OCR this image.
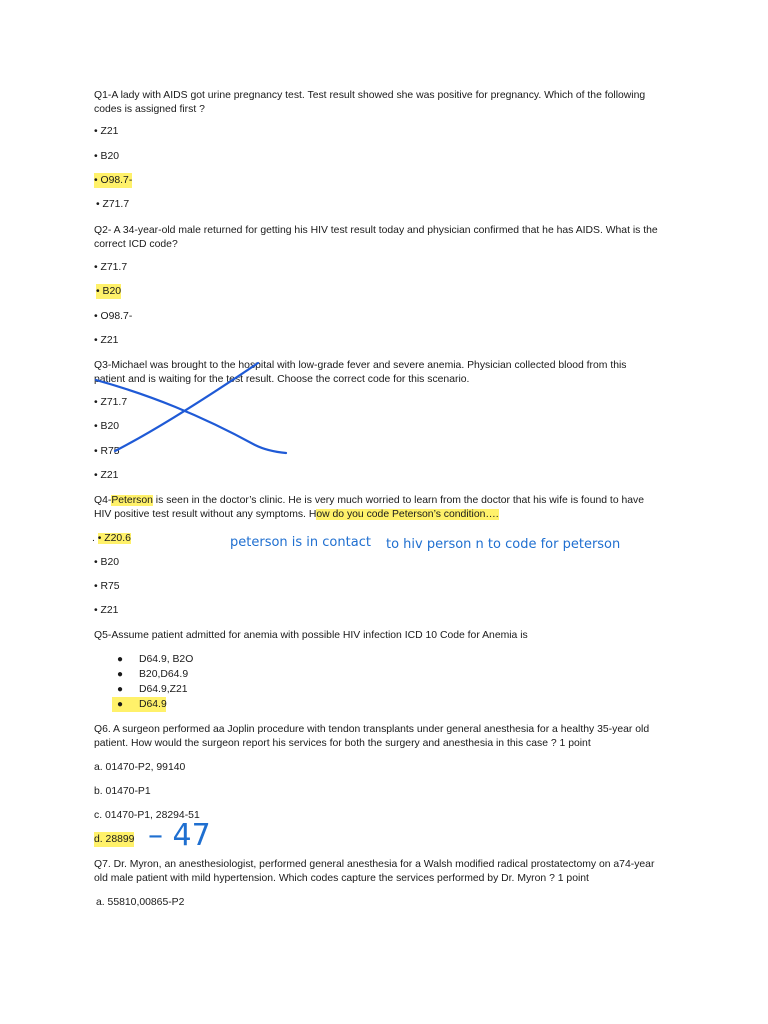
Q1-A lady with AIDS got urine pregnancy test. Test result showed she was positive for pregnancy. Which of the following
codes is assigned first ?
• Z21
• B20
• O98.7-
• Z71.7
Q2- A 34-year-old male returned for getting his HIV test result today and physician confirmed that he has AIDS. What is the
correct ICD code?
• Z71.7
• B20
• O98.7-
• Z21
Q3-Michael was brought to the hospital with low-grade fever and severe anemia. Physician collected blood from this
patient and is waiting for the test result. Choose the correct code for this scenario.
• Z71.7
• B20
• R75
• Z21
Q4-Peterson is seen in the doctor’s clinic. He is very much worried to learn from the doctor that his wife is found to have
HIV positive test result without any symptoms. How do you code Peterson’s condition….
. • Z20.6
• B20
• R75
• Z21
peterson is in contact to hiv person n to code for peterson
Q5-Assume patient admitted for anemia with possible HIV infection ICD 10 Code for Anemia is
● D64.9, B2O
● B20,D64.9
● D64.9,Z21
● D64.9
Q6. A surgeon performed aa Joplin procedure with tendon transplants under general anesthesia for a healthy 35-year old
patient. How would the surgeon report his services for both the surgery and anesthesia in this case ? 1 point
a. 01470-P2, 99140
b. 01470-P1
c. 01470-P1, 28294-51
d. 28899 – 47
Q7. Dr. Myron, an anesthesiologist, performed general anesthesia for a Walsh modified radical prostatectomy on a74-year
old male patient with mild hypertension. Which codes capture the services performed by Dr. Myron ? 1 point
a. 55810,00865-P2
